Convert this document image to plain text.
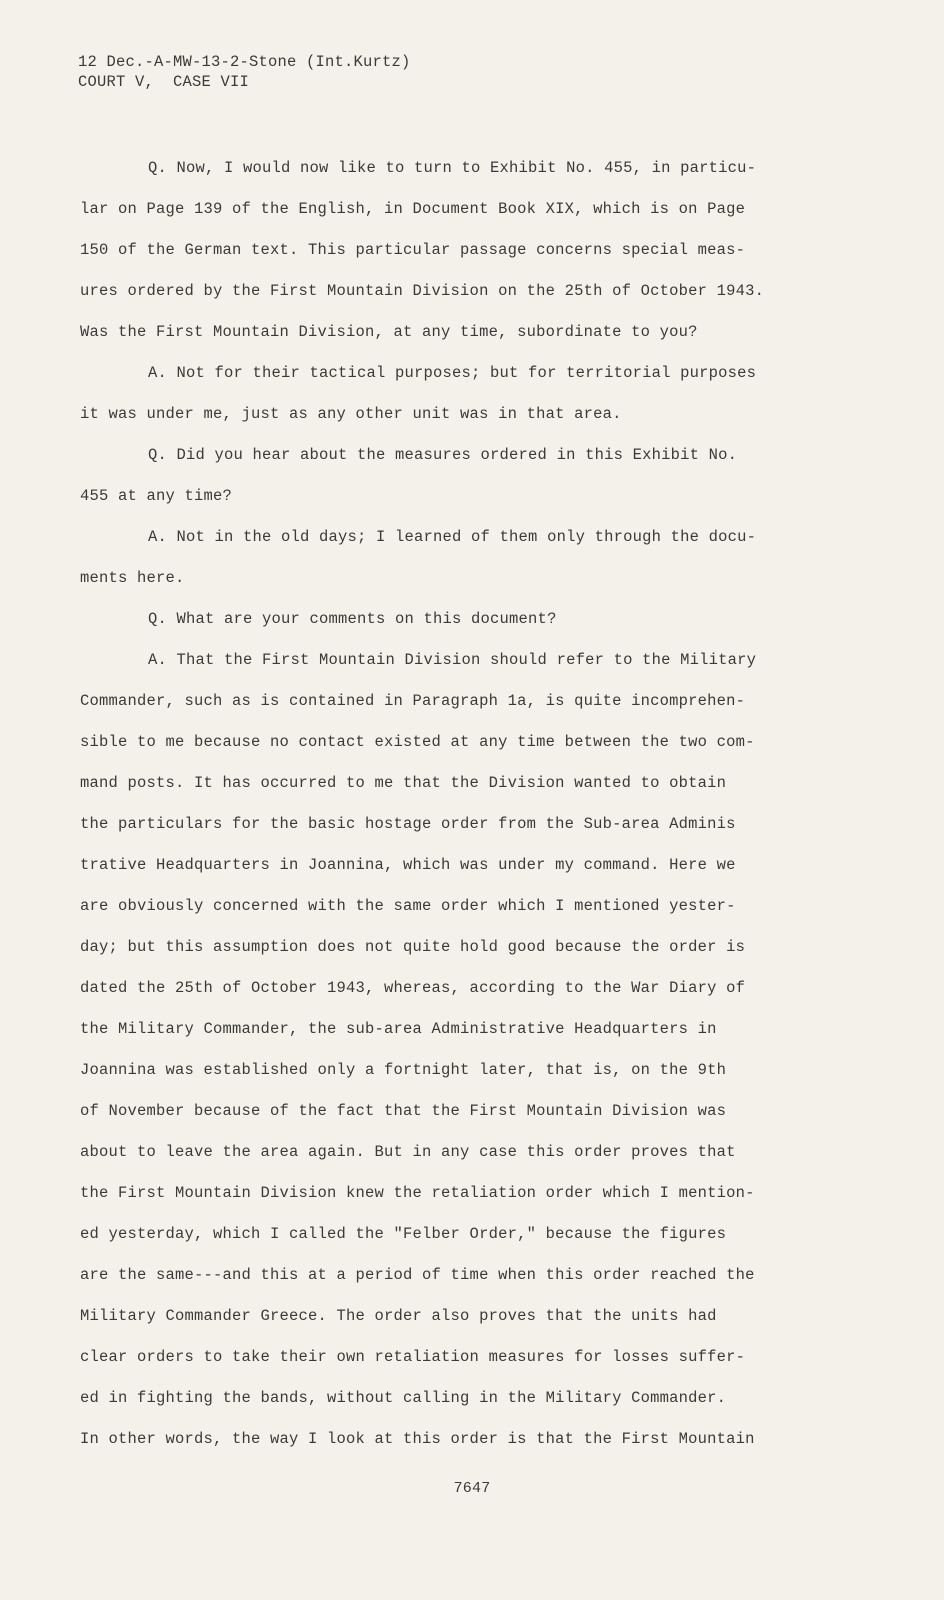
12 Dec.-A-MW-13-2-Stone (Int.Kurtz)
COURT V,  CASE VII
Q. Now, I would now like to turn to Exhibit No. 455, in particu-
lar on Page 139 of the English, in Document Book XIX, which is on Page
150 of the German text. This particular passage concerns special meas-
ures ordered by the First Mountain Division on the 25th of October 1943.
Was the First Mountain Division, at any time, subordinate to you?
A. Not for their tactical purposes; but for territorial purposes
it was under me, just as any other unit was in that area.
Q. Did you hear about the measures ordered in this Exhibit No.
455 at any time?
A. Not in the old days; I learned of them only through the docu-
ments here.
Q. What are your comments on this document?
A. That the First Mountain Division should refer to the Military
Commander, such as is contained in Paragraph 1a, is quite incomprehen-
sible to me because no contact existed at any time between the two com-
mand posts. It has occurred to me that the Division wanted to obtain
the particulars for the basic hostage order from the Sub-area Adminis
trative Headquarters in Joannina, which was under my command. Here we
are obviously concerned with the same order which I mentioned yester-
day; but this assumption does not quite hold good because the order is
dated the 25th of October 1943, whereas, according to the War Diary of
the Military Commander, the sub-area Administrative Headquarters in
Joannina was established only a fortnight later, that is, on the 9th
of November because of the fact that the First Mountain Division was
about to leave the area again. But in any case this order proves that
the First Mountain Division knew the retaliation order which I mention-
ed yesterday, which I called the "Felber Order," because the figures
are the same---and this at a period of time when this order reached the
Military Commander Greece. The order also proves that the units had
clear orders to take their own retaliation measures for losses suffer-
ed in fighting the bands, without calling in the Military Commander.
In other words, the way I look at this order is that the First Mountain
7647
